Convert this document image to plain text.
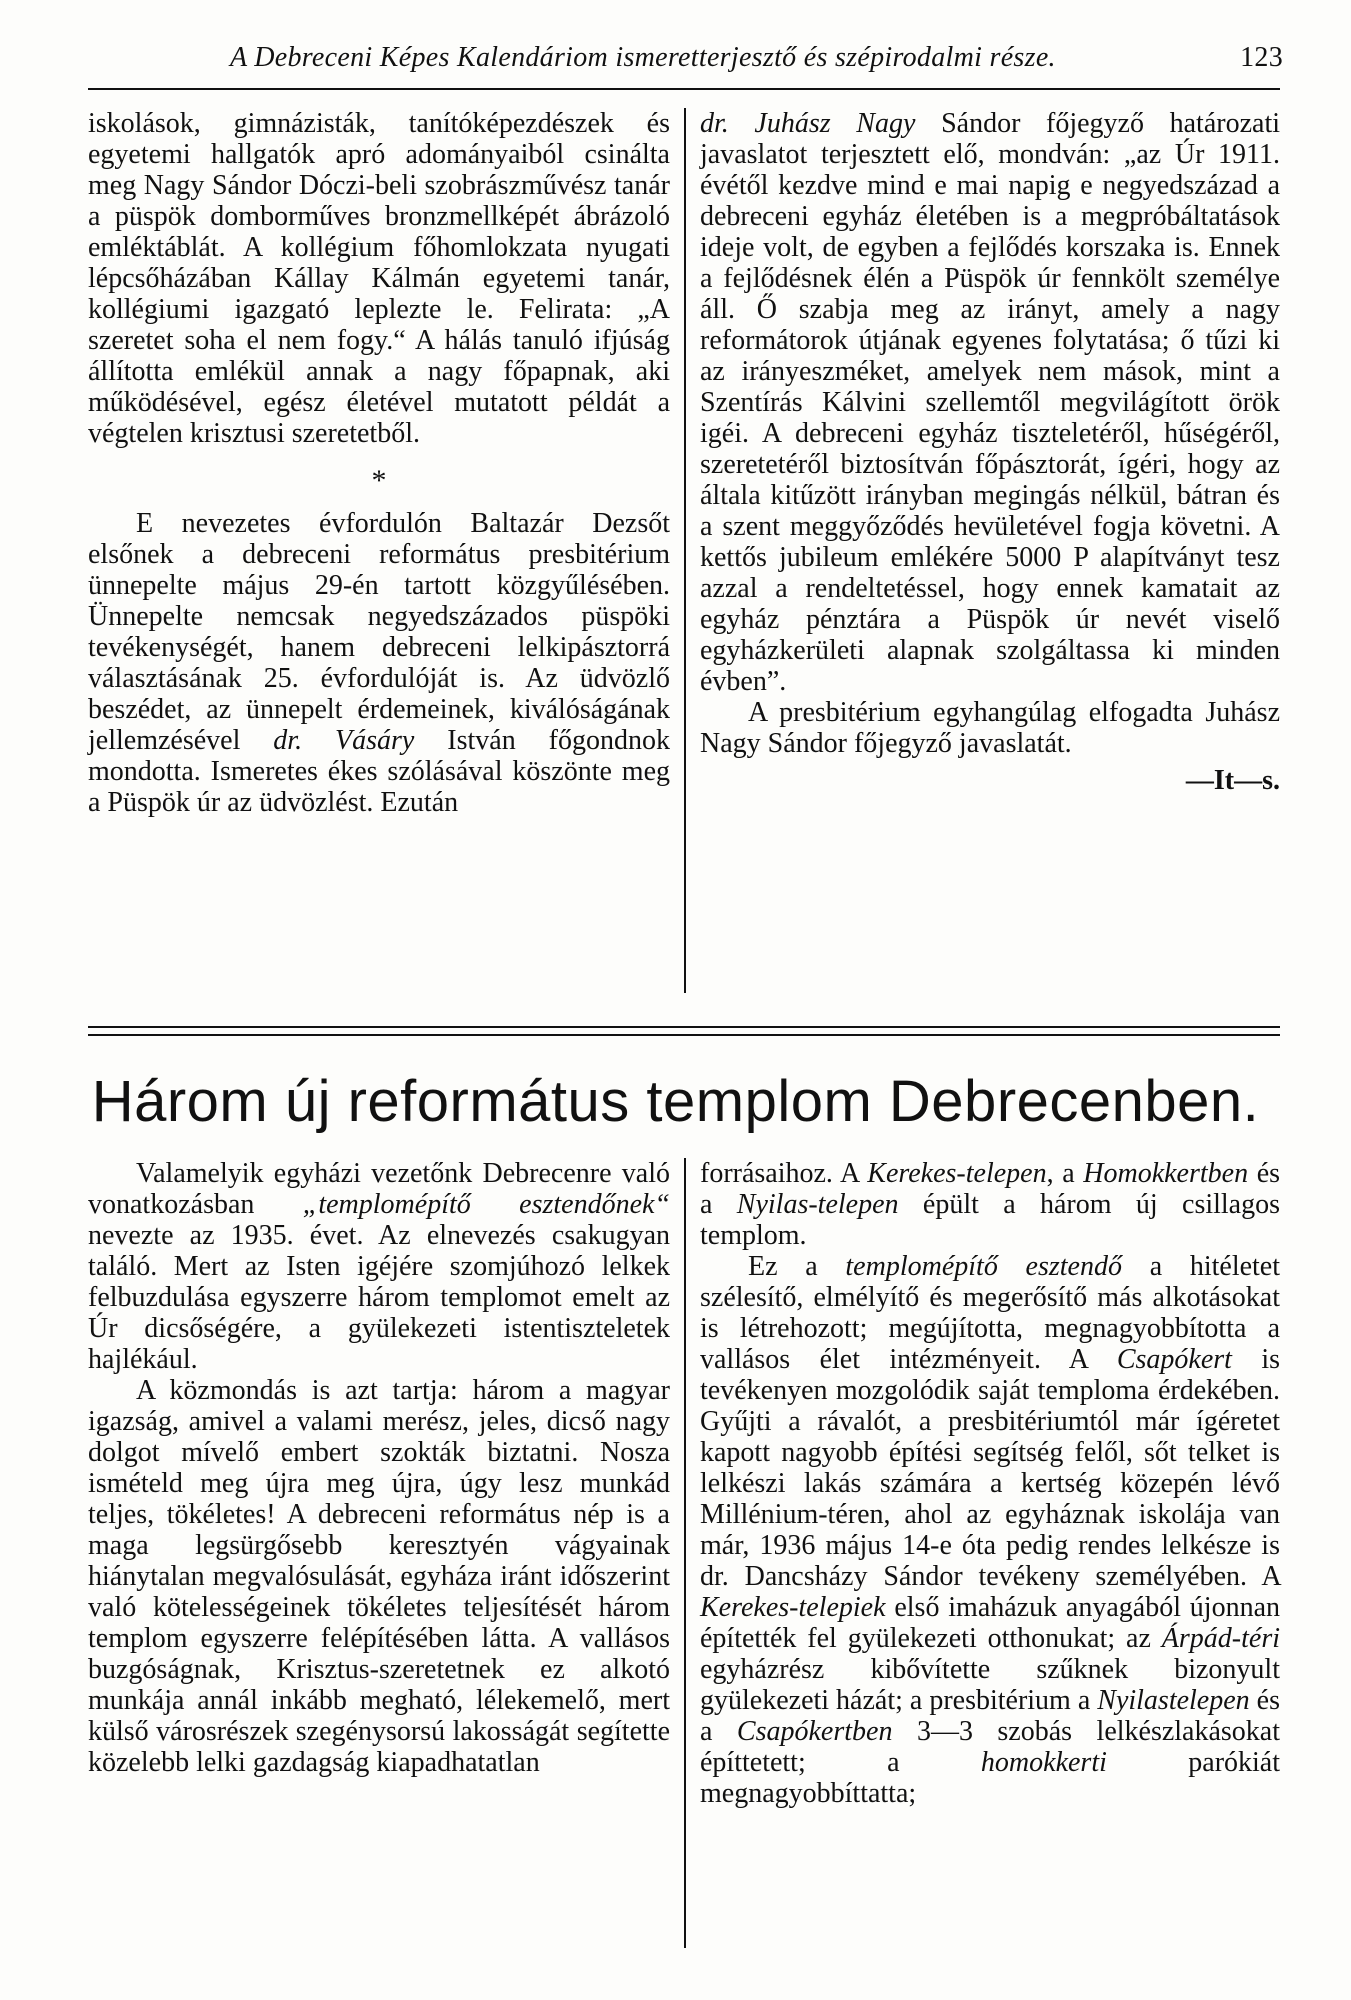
A Debreceni Képes Kalendáriom ismeretterjesztő és szépirodalmi része.	123

iskolások, gimnázisták, tanítóképezdészek és egyetemi hallgatók apró adományaiból csinálta meg Nagy Sándor Dóczi-beli szobrászművész tanár a püspök domborműves bronzmellképét ábrázoló emléktáblát. A kollégium főhomlokzata nyugati lépcsőházában Kállay Kálmán egyetemi tanár, kollégiumi igazgató leplezte le. Felirata: „A szeretet soha el nem fogy.“ A hálás tanuló ifjúság állította emlékül annak a nagy főpapnak, aki működésével, egész életével mutatott példát a végtelen krisztusi szeretetből.

*

E nevezetes évfordulón Baltazár Dezsőt elsőnek a debreceni református presbitérium ünnepelte május 29-én tartott közgyűlésében. Ünnepelte nemcsak negyedszázados püspöki tevékenységét, hanem debreceni lelkipásztorrá választásának 25. évfordulóját is. Az üdvözlő beszédet, az ünnepelt érdemeinek, kiválóságának jellemzésével dr. Vásáry István főgondnok mondotta. Ismeretes ékes szólásával köszönte meg a Püspök úr az üdvözlést. Ezután

dr. Juhász Nagy Sándor főjegyző határozati javaslatot terjesztett elő, mondván: „az Úr 1911. évétől kezdve mind e mai napig e negyedszázad a debreceni egyház életében is a megpróbáltatások ideje volt, de egyben a fejlődés korszaka is. Ennek a fejlődésnek élén a Püspök úr fennkölt személye áll. Ő szabja meg az irányt, amely a nagy reformátorok útjának egyenes folytatása; ő tűzi ki az irányeszméket, amelyek nem mások, mint a Szentírás Kálvini szellemtől megvilágított örök igéi. A debreceni egyház tiszteletéről, hűségéről, szeretetéről biztosítván főpásztorát, ígéri, hogy az általa kitűzött irányban megingás nélkül, bátran és a szent meggyőződés hevületével fogja követni. A kettős jubileum emlékére 5000 P alapítványt tesz azzal a rendeltetéssel, hogy ennek kamatait az egyház pénztára a Püspök úr nevét viselő egyházkerületi alapnak szolgáltassa ki minden évben”.

A presbitérium egyhangúlag elfogadta Juhász Nagy Sándor főjegyző javaslatát.

—It—s.
Három új református templom Debrecenben.

Valamelyik egyházi vezetőnk Debrecenre való vonatkozásban „templomépítő esztendőnek“ nevezte az 1935. évet. Az elnevezés csakugyan találó. Mert az Isten igéjére szomjúhozó lelkek felbuzdulása egyszerre három templomot emelt az Úr dicsőségére, a gyülekezeti istentiszteletek hajlékául.

A közmondás is azt tartja: három a magyar igazság, amivel a valami merész, jeles, dicső nagy dolgot mívelő embert szokták biztatni. Nosza ismételd meg újra meg újra, úgy lesz munkád teljes, tökéletes! A debreceni református nép is a maga legsürgősebb keresztyén vágyainak hiánytalan megvalósulását, egyháza iránt időszerint való kötelességeinek tökéletes teljesítését három templom egyszerre felépítésében látta. A vallásos buzgóságnak, Krisztus-szeretetnek ez alkotó munkája annál inkább megható, lélekemelő, mert külső városrészek szegénysorsú lakosságát segítette közelebb lelki gazdagság kiapadhatatlan

forrásaihoz. A Kerekes-telepen, a Homokkertben és a Nyilas-telepen épült a három új csillagos templom.

Ez a templomépítő esztendő a hitéletet szélesítő, elmélyítő és megerősítő más alkotásokat is létrehozott; megújította, megnagyobbította a vallásos élet intézményeit. A Csapókert is tevékenyen mozgolódik saját temploma érdekében. Gyűjti a rávalót, a presbitériumtól már ígéretet kapott nagyobb építési segítség felől, sőt telket is lelkészi lakás számára a kertség közepén lévő Millénium-téren, ahol az egyháznak iskolája van már, 1936 május 14-e óta pedig rendes lelkésze is dr. Dancsházy Sándor tevékeny személyében. A Kerekes-telepiek első imaházuk anyagából újonnan építették fel gyülekezeti otthonukat; az Árpád-téri egyházrész kibővítette szűknek bizonyult gyülekezeti házát; a presbitérium a Nyilastelepen és a Csapókertben 3—3 szobás lelkészlakásokat építtetett; a	homokkerti	parókiát megnagyobbíttatta;
